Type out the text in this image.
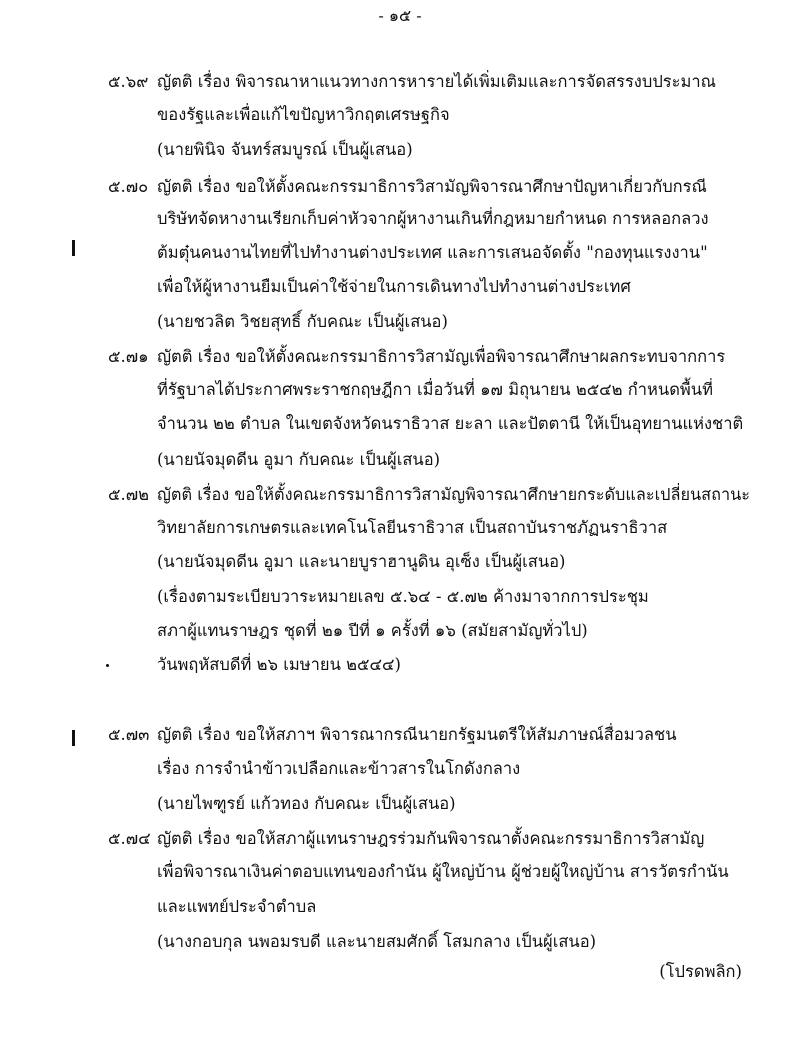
- ๑๕ -
๕.๖๙ ญัตติ เรื่อง พิจารณาหาแนวทางการหารายได้เพิ่มเติมและการจัดสรรงบประมาณ
ของรัฐและเพื่อแก้ไขปัญหาวิกฤตเศรษฐกิจ
(นายพินิจ จันทร์สมบูรณ์ เป็นผู้เสนอ)
๕.๗๐ ญัตติ เรื่อง ขอให้ตั้งคณะกรรมาธิการวิสามัญพิจารณาศึกษาปัญหาเกี่ยวกับกรณี
บริษัทจัดหางานเรียกเก็บค่าหัวจากผู้หางานเกินที่กฎหมายกำหนด การหลอกลวง
ต้มตุ๋นคนงานไทยที่ไปทำงานต่างประเทศ และการเสนอจัดตั้ง "กองทุนแรงงาน"
เพื่อให้ผู้หางานยืมเป็นค่าใช้จ่ายในการเดินทางไปทำงานต่างประเทศ
(นายชวลิต วิชยสุทธิ์ กับคณะ เป็นผู้เสนอ)
๕.๗๑ ญัตติ เรื่อง ขอให้ตั้งคณะกรรมาธิการวิสามัญเพื่อพิจารณาศึกษาผลกระทบจากการ
ที่รัฐบาลได้ประกาศพระราชกฤษฎีกา เมื่อวันที่ ๑๗ มิถุนายน ๒๕๔๒ กำหนดพื้นที่
จำนวน ๒๒ ตำบล ในเขตจังหวัดนราธิวาส ยะลา และปัตตานี ให้เป็นอุทยานแห่งชาติ
(นายนัจมุดดีน อูมา กับคณะ เป็นผู้เสนอ)
๕.๗๒ ญัตติ เรื่อง ขอให้ตั้งคณะกรรมาธิการวิสามัญพิจารณาศึกษายกระดับและเปลี่ยนสถานะ
วิทยาลัยการเกษตรและเทคโนโลยีนราธิวาส เป็นสถาบันราชภัฏนราธิวาส
(นายนัจมุดดีน อูมา และนายบูราฮานูดิน อุเซ็ง เป็นผู้เสนอ)
(เรื่องตามระเบียบวาระหมายเลข ๕.๖๔ - ๕.๗๒ ค้างมาจากการประชุม
สภาผู้แทนราษฎร ชุดที่ ๒๑ ปีที่ ๑ ครั้งที่ ๑๖ (สมัยสามัญทั่วไป)
วันพฤหัสบดีที่ ๒๖ เมษายน ๒๕๔๔)
๕.๗๓ ญัตติ เรื่อง ขอให้สภาฯ พิจารณากรณีนายกรัฐมนตรีให้สัมภาษณ์สื่อมวลชน
เรื่อง การจำนำข้าวเปลือกและข้าวสารในโกดังกลาง
(นายไพฑูรย์ แก้วทอง กับคณะ เป็นผู้เสนอ)
๕.๗๔ ญัตติ เรื่อง ขอให้สภาผู้แทนราษฎรร่วมกันพิจารณาตั้งคณะกรรมาธิการวิสามัญ
เพื่อพิจารณาเงินค่าตอบแทนของกำนัน ผู้ใหญ่บ้าน ผู้ช่วยผู้ใหญ่บ้าน สารวัตรกำนัน
และแพทย์ประจำตำบล
(นางกอบกุล นพอมรบดี และนายสมศักดิ์ โสมกลาง เป็นผู้เสนอ)
(โปรดพลิก)
